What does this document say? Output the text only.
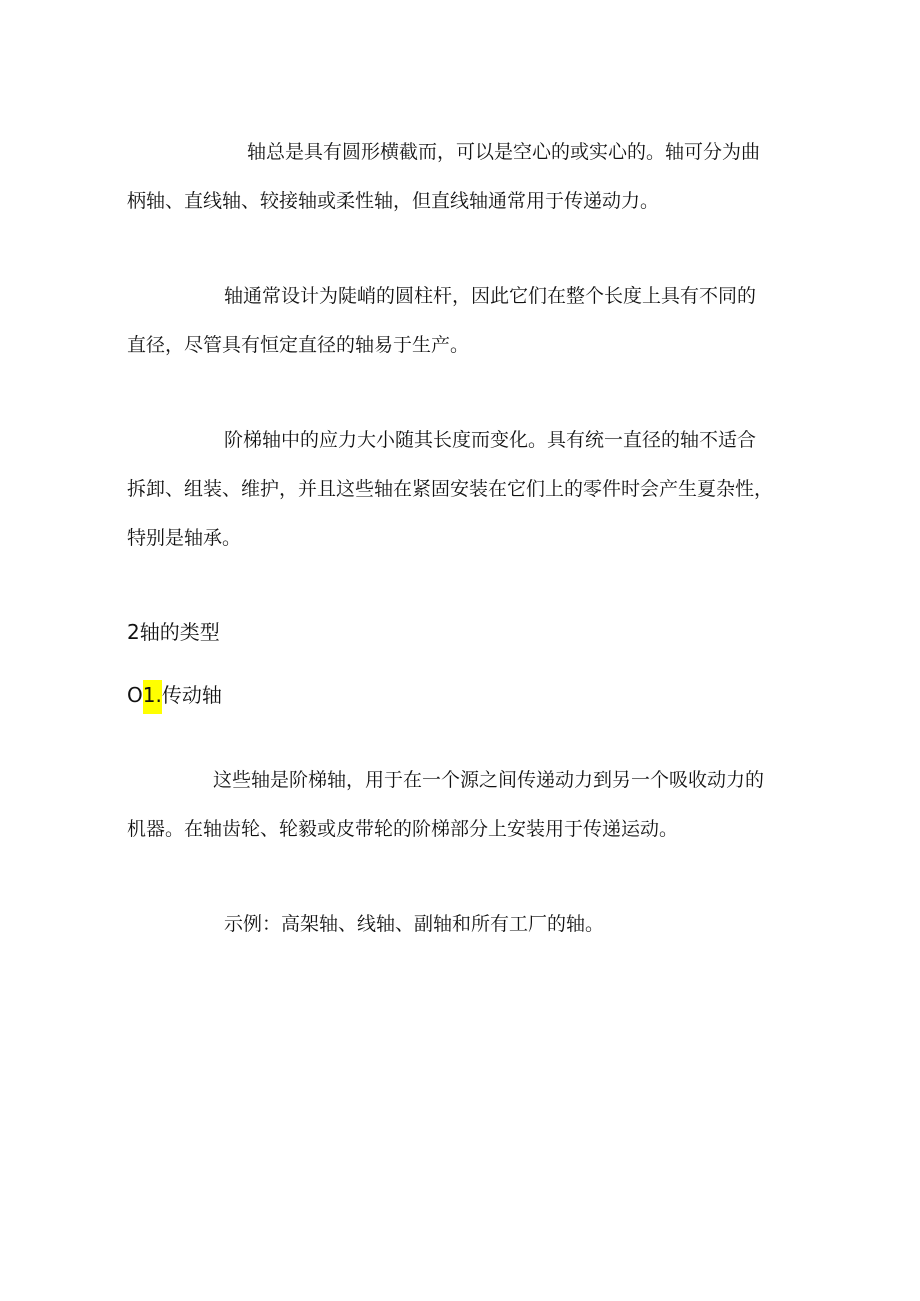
轴总是具有圆形横截而，可以是空心的或实心的。轴可分为曲
柄轴、直线轴、较接轴或柔性轴，但直线轴通常用于传递动力。

轴通常设计为陡峭的圆柱杆，因此它们在整个长度上具有不同的
直径，尽管具有恒定直径的轴易于生产。

阶梯轴中的应力大小随其长度而变化。具有统一直径的轴不适合
拆卸、组装、维护，并且这些轴在紧固安装在它们上的零件时会产生夏杂性，
特别是轴承。

2轴的类型
O1.传动轴

这些轴是阶梯轴，用于在一个源之间传递动力到另一个吸收动力的
机器。在轴齿轮、轮毅或皮带轮的阶梯部分上安装用于传递运动。

示例：高架轴、线轴、副轴和所有工厂的轴。
